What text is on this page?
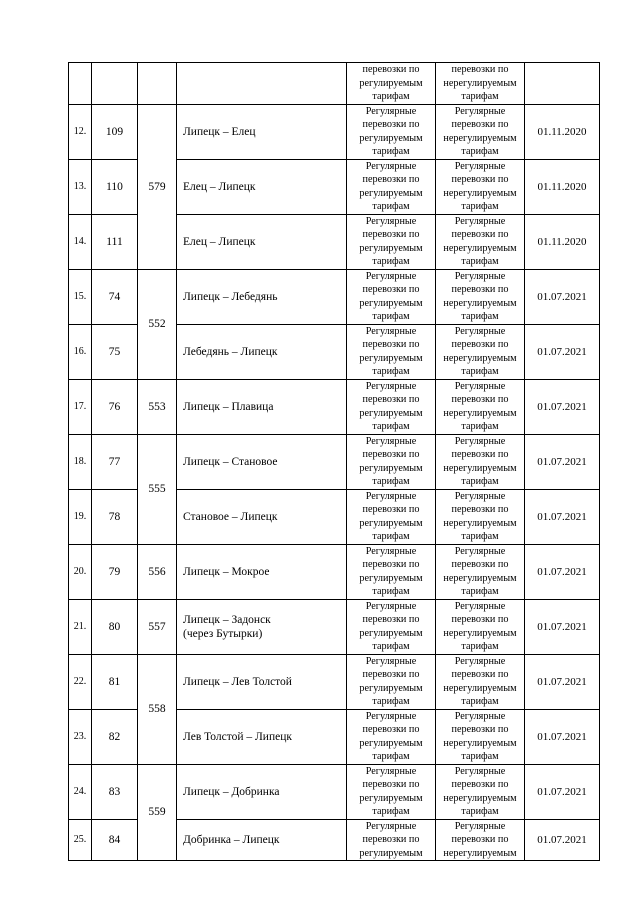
				перевозки по
регулируемым
тарифам	перевозки по
нерегулируемым
тарифам	

12.	109	579	Липецк – Елец	Регулярные
перевозки по
регулируемым
тарифам	Регулярные
перевозки по
нерегулируемым
тарифам	01.11.2020
13.	110		Елец – Липецк	Регулярные
перевозки по
регулируемым
тарифам	Регулярные
перевозки по
нерегулируемым
тарифам	01.11.2020
14.	111		Елец – Липецк	Регулярные
перевозки по
регулируемым
тарифам	Регулярные
перевозки по
нерегулируемым
тарифам	01.11.2020
15.	74	552	Липецк – Лебедянь	Регулярные
перевозки по
регулируемым
тарифам	Регулярные
перевозки по
нерегулируемым
тарифам	01.07.2021
16.	75		Лебедянь – Липецк	Регулярные
перевозки по
регулируемым
тарифам	Регулярные
перевозки по
нерегулируемым
тарифам	01.07.2021
17.	76	553	Липецк – Плавица	Регулярные
перевозки по
регулируемым
тарифам	Регулярные
перевозки по
нерегулируемым
тарифам	01.07.2021
18.	77	555	Липецк – Становое	Регулярные
перевозки по
регулируемым
тарифам	Регулярные
перевозки по
нерегулируемым
тарифам	01.07.2021
19.	78		Становое – Липецк	Регулярные
перевозки по
регулируемым
тарифам	Регулярные
перевозки по
нерегулируемым
тарифам	01.07.2021
20.	79	556	Липецк – Мокрое	Регулярные
перевозки по
регулируемым
тарифам	Регулярные
перевозки по
нерегулируемым
тарифам	01.07.2021
21.	80	557	Липецк – Задонск
(через Бутырки)	Регулярные
перевозки по
регулируемым
тарифам	Регулярные
перевозки по
нерегулируемым
тарифам	01.07.2021
22.	81	558	Липецк – Лев Толстой	Регулярные
перевозки по
регулируемым
тарифам	Регулярные
перевозки по
нерегулируемым
тарифам	01.07.2021
23.	82		Лев Толстой – Липецк	Регулярные
перевозки по
регулируемым
тарифам	Регулярные
перевозки по
нерегулируемым
тарифам	01.07.2021
24.	83	559	Липецк – Добринка	Регулярные
перевозки по
регулируемым
тарифам	Регулярные
перевозки по
нерегулируемым
тарифам	01.07.2021
25.	84		Добринка – Липецк	Регулярные
перевозки по
регулируемым	Регулярные
перевозки по
нерегулируемым	01.07.2021
